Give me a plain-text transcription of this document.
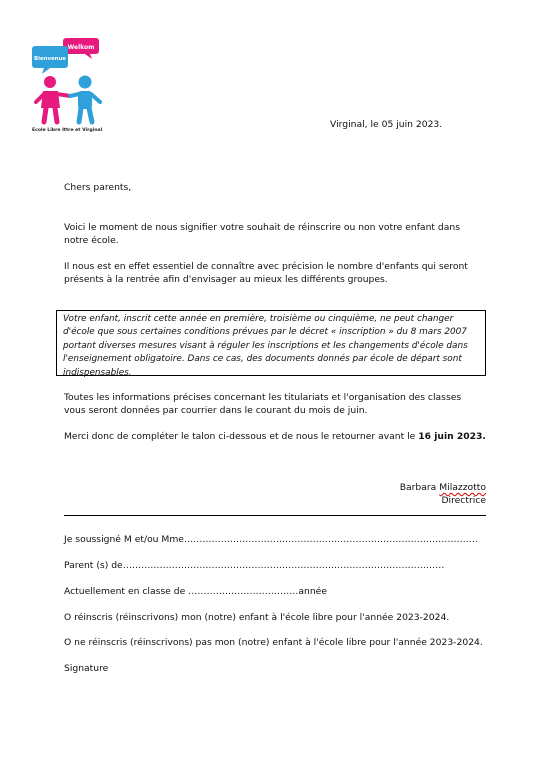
Welkom
Bienvenue
Ecole Libre Ittre et Virginal
Virginal, le 05 juin 2023.
Chers parents,
Voici le moment de nous signifier votre souhait de réinscrire ou non votre enfant dans notre école.
Il nous est en effet essentiel de connaître avec précision le nombre d'enfants qui seront présents à la rentrée afin d'envisager au mieux les différents groupes.
Votre enfant, inscrit cette année en première, troisième ou cinquième, ne peut changer d'école que sous certaines conditions prévues par le décret « inscription » du 8 mars 2007 portant diverses mesures visant à réguler les inscriptions et les changements d'école dans l'enseignement obligatoire. Dans ce cas, des documents donnés par école de départ sont indispensables.
Toutes les informations précises concernant les titulariats et l'organisation des classes vous seront données par courrier dans le courant du mois de juin.
Merci donc de compléter le talon ci-dessous et de nous le retourner avant le 16 juin 2023.
Barbara Milazzotto
Directrice
Je soussigné M et/ou Mme……………………………………………………………………………………
Parent (s) de……………………………………………………………………………………………
Actuellement en classe de ………………………………année
O réinscris (réinscrivons) mon (notre) enfant à l'école libre pour l'année 2023-2024.
O ne réinscris (réinscrivons) pas mon (notre) enfant à l'école libre pour l'année 2023-2024.
Signature
